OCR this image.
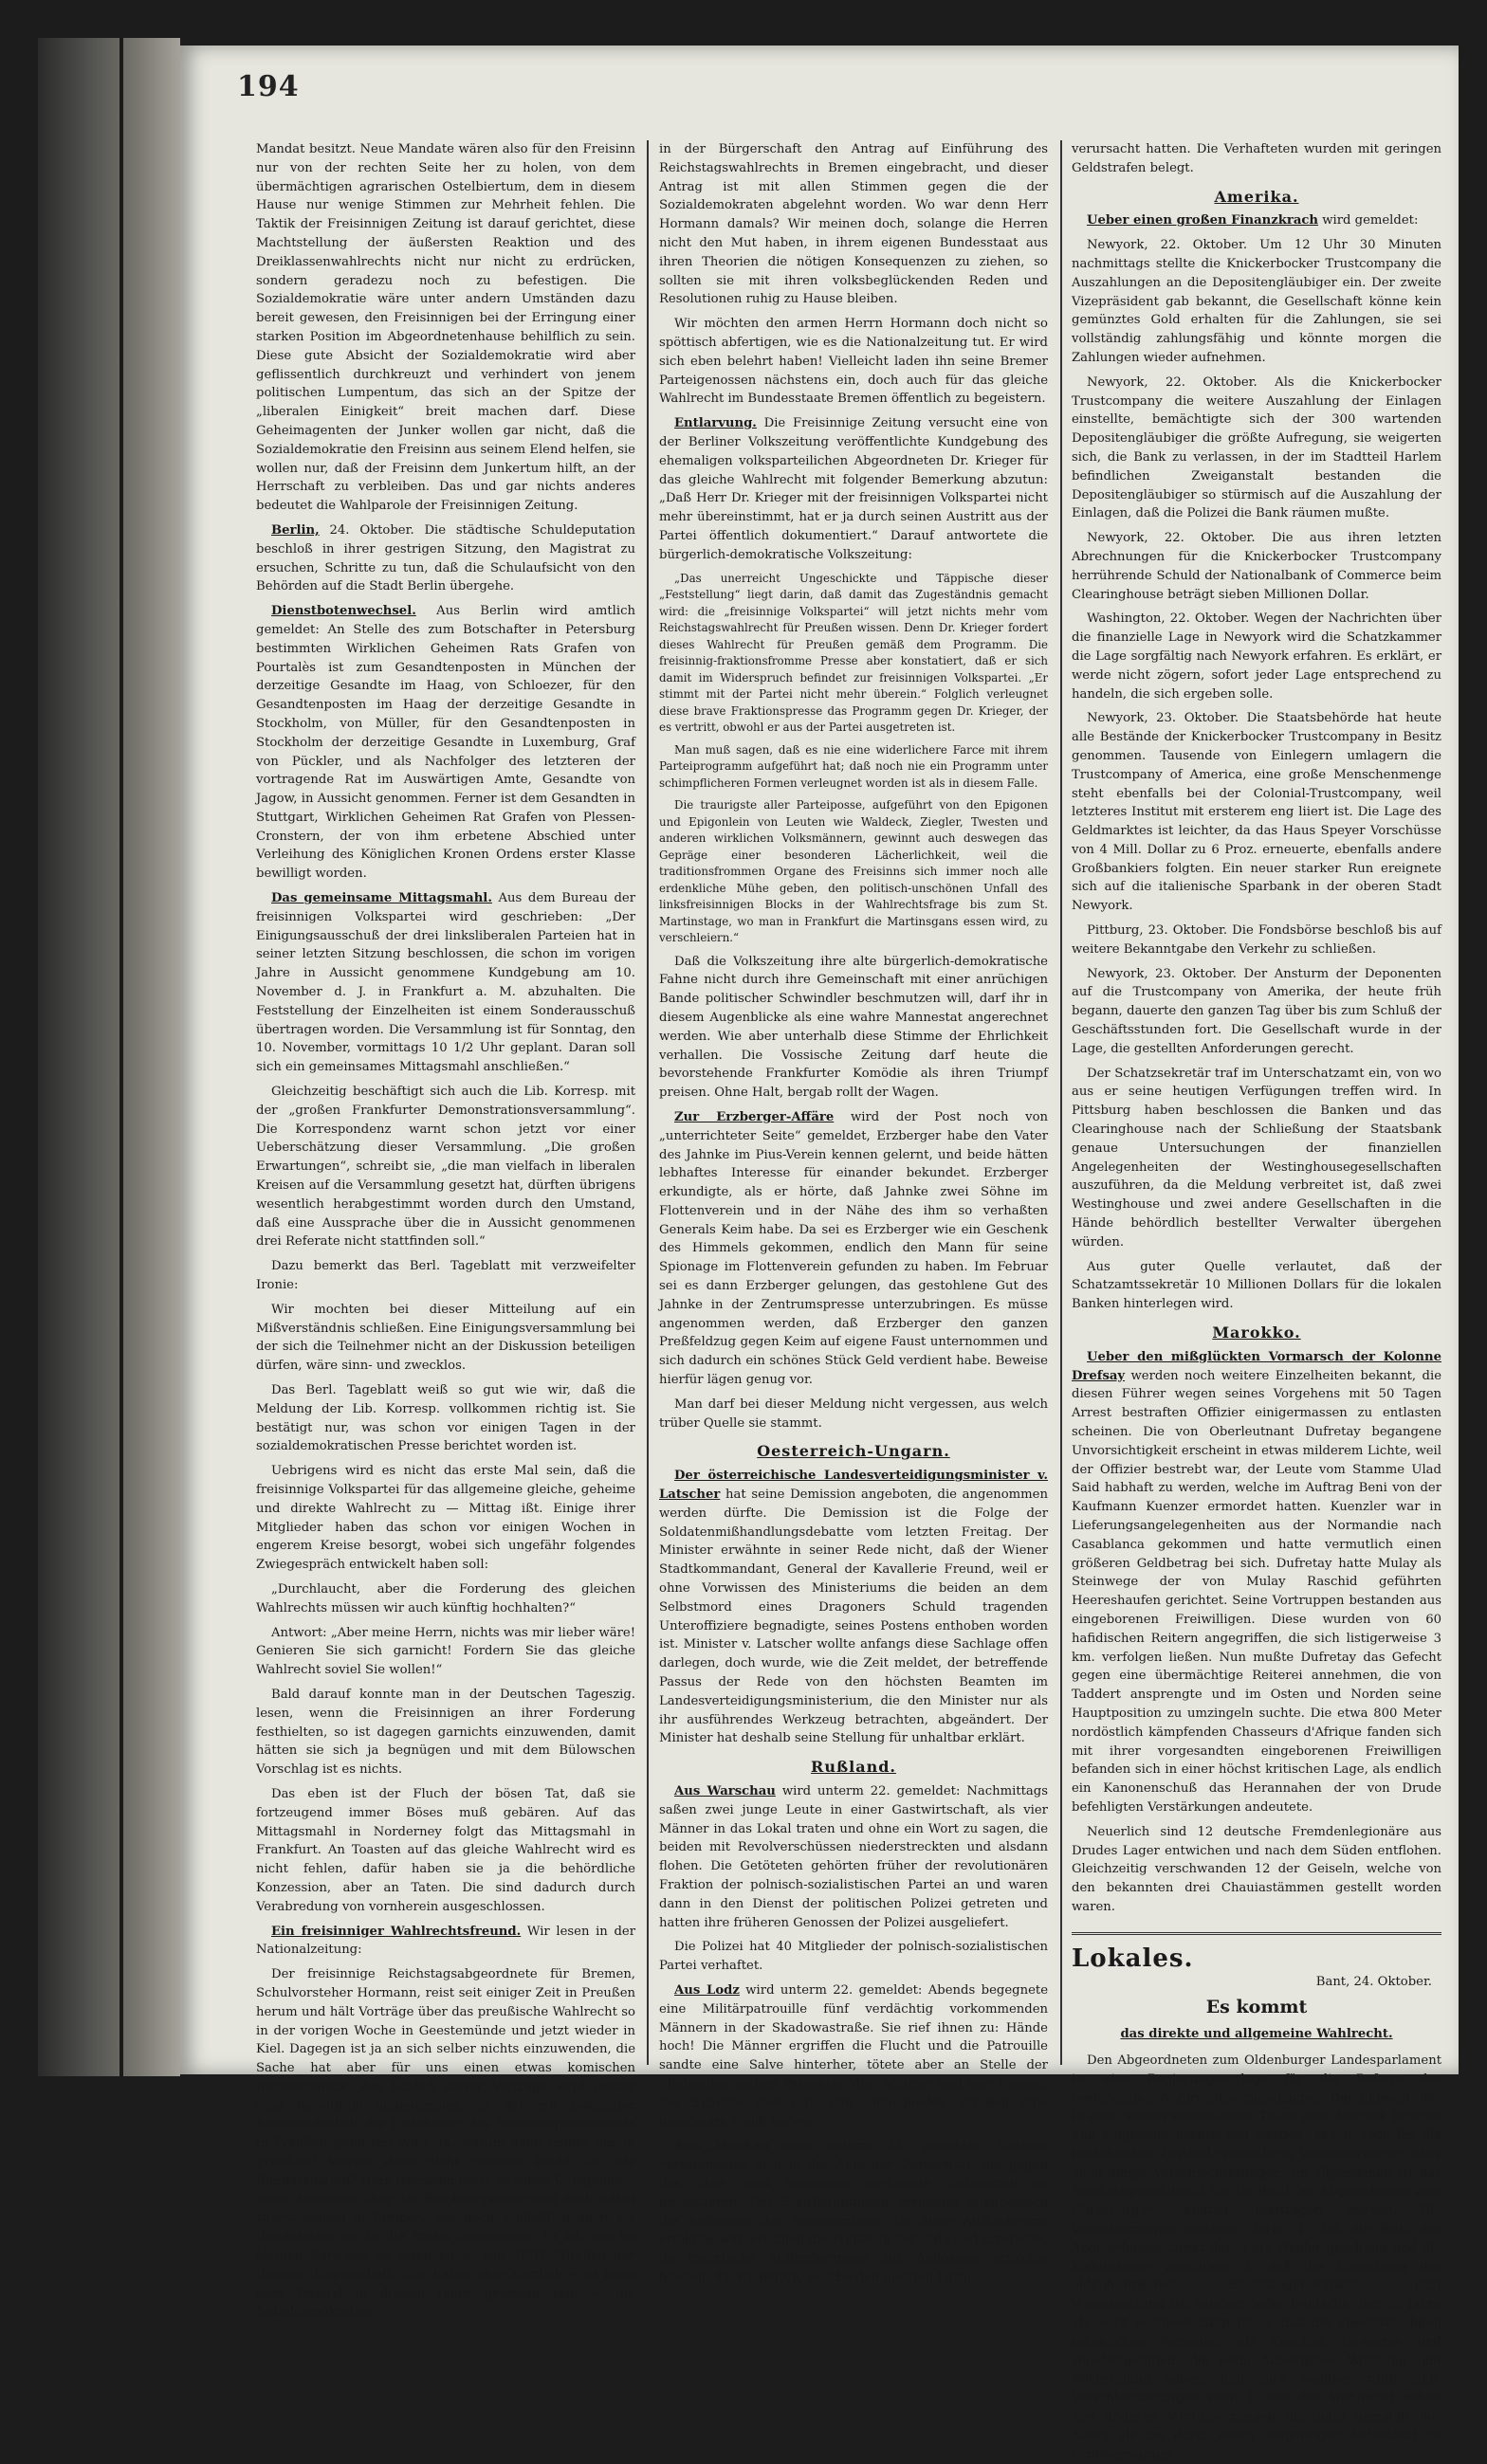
194

Mandat besitzt. Neue Mandate wären also für den Freisinn nur von der rechten Seite her zu holen, von dem übermächtigen agrarischen Ostelbiertum, dem in diesem Hause nur wenige Stimmen zur Mehrheit fehlen. Die Taktik der Freisinnigen Zeitung ist darauf gerichtet, diese Machtstellung der äußersten Reaktion und des Dreiklassenwahlrechts nicht nur nicht zu erdrücken, sondern geradezu noch zu befestigen. Die Sozialdemokratie wäre unter andern Umständen dazu bereit gewesen, den Freisinnigen bei der Erringung einer starken Position im Abgeordnetenhause behilflich zu sein. Diese gute Absicht der Sozialdemokratie wird aber geflissentlich durchkreuzt und verhindert von jenem politischen Lumpentum, das sich an der Spitze der „liberalen Einigkeit“ breit machen darf. Diese Geheimagenten der Junker wollen gar nicht, daß die Sozialdemokratie den Freisinn aus seinem Elend helfen, sie wollen nur, daß der Freisinn dem Junkertum hilft, an der Herrschaft zu verbleiben. Das und gar nichts anderes bedeutet die Wahlparole der Freisinnigen Zeitung.

Berlin, 24. Oktober. Die städtische Schuldeputation beschloß in ihrer gestrigen Sitzung, den Magistrat zu ersuchen, Schritte zu tun, daß die Schulaufsicht von den Behörden auf die Stadt Berlin übergehe.

Dienstbotenwechsel. Aus Berlin wird amtlich gemeldet: An Stelle des zum Botschafter in Petersburg bestimmten Wirklichen Geheimen Rats Grafen von Pourtalès ist zum Gesandtenposten in München der derzeitige Gesandte im Haag, von Schloezer, für den Gesandtenposten im Haag der derzeitige Gesandte in Stockholm, von Müller, für den Gesandtenposten in Stockholm der derzeitige Gesandte in Luxemburg, Graf von Pückler, und als Nachfolger des letzteren der vortragende Rat im Auswärtigen Amte, Gesandte von Jagow, in Aussicht genommen. Ferner ist dem Gesandten in Stuttgart, Wirklichen Geheimen Rat Grafen von Plessen-Cronstern, der von ihm erbetene Abschied unter Verleihung des Königlichen Kronen Ordens erster Klasse bewilligt worden.

Das gemeinsame Mittagsmahl. Aus dem Bureau der freisinnigen Volkspartei wird geschrieben: „Der Einigungsausschuß der drei linksliberalen Parteien hat in seiner letzten Sitzung beschlossen, die schon im vorigen Jahre in Aussicht genommene Kundgebung am 10. November d. J. in Frankfurt a. M. abzuhalten. Die Feststellung der Einzelheiten ist einem Sonderausschuß übertragen worden. Die Versammlung ist für Sonntag, den 10. November, vormittags 10 1/2 Uhr geplant. Daran soll sich ein gemeinsames Mittagsmahl anschließen.“

Gleichzeitig beschäftigt sich auch die Lib. Korresp. mit der „großen Frankfurter Demonstrationsversammlung“. Die Korrespondenz warnt schon jetzt vor einer Ueberschätzung dieser Versammlung. „Die großen Erwartungen“, schreibt sie, „die man vielfach in liberalen Kreisen auf die Versammlung gesetzt hat, dürften übrigens wesentlich herabgestimmt worden durch den Umstand, daß eine Aussprache über die in Aussicht genommenen drei Referate nicht stattfinden soll.“

Dazu bemerkt das Berl. Tageblatt mit verzweifelter Ironie:

Wir mochten bei dieser Mitteilung auf ein Mißverständnis schließen. Eine Einigungsversammlung bei der sich die Teilnehmer nicht an der Diskussion beteiligen dürfen, wäre sinn- und zwecklos.

Das Berl. Tageblatt weiß so gut wie wir, daß die Meldung der Lib. Korresp. vollkommen richtig ist. Sie bestätigt nur, was schon vor einigen Tagen in der sozialdemokratischen Presse berichtet worden ist.

Uebrigens wird es nicht das erste Mal sein, daß die freisinnige Volkspartei für das allgemeine gleiche, geheime und direkte Wahlrecht zu — Mittag ißt. Einige ihrer Mitglieder haben das schon vor einigen Wochen in engerem Kreise besorgt, wobei sich ungefähr folgendes Zwiegespräch entwickelt haben soll:

„Durchlaucht, aber die Forderung des gleichen Wahlrechts müssen wir auch künftig hochhalten?“

Antwort: „Aber meine Herrn, nichts was mir lieber wäre! Genieren Sie sich garnicht! Fordern Sie das gleiche Wahlrecht soviel Sie wollen!“

Bald darauf konnte man in der Deutschen Tageszig. lesen, wenn die Freisinnigen an ihrer Forderung festhielten, so ist dagegen garnichts einzuwenden, damit hätten sie sich ja begnügen und mit dem Bülowschen Vorschlag ist es nichts.

Das eben ist der Fluch der bösen Tat, daß sie fortzeugend immer Böses muß gebären. Auf das Mittagsmahl in Norderney folgt das Mittagsmahl in Frankfurt. An Toasten auf das gleiche Wahlrecht wird es nicht fehlen, dafür haben sie ja die behördliche Konzession, aber an Taten. Die sind dadurch durch Verabredung von vornherein ausgeschlossen.

Ein freisinniger Wahlrechtsfreund. Wir lesen in der Nationalzeitung:

Der freisinnige Reichstagsabgeordnete für Bremen, Schulvorsteher Hormann, reist seit einiger Zeit in Preußen herum und hält Vorträge über das preußische Wahlrecht so in der vorigen Woche in Geestemünde und jetzt wieder in Kiel. Dagegen ist ja an sich selber nichts einzuwenden, die Sache hat aber für uns einen etwas komischen Beigeschmack: Am Schluß dieser Vorträge wird immer eine Resolution angenommen, in der mit bekannter Entschiedenheit die Einführung des Reichstagswahlrechts in Preußen gefordert wird. Ja, warum denn immer nur in Preußen? Warum denn nicht gleiches Recht für alle Bundesstaaten? Herr Hormann hätte so schon Gelegenheit, seine Ansichten über das Reichstagswahlrecht doch selbst zuerst einmal in Bremen, das doch schließlich auch ein Bundesstaat ist, in die Praxis umzusetzen. Er ist, wie im kleinen Kärtchen zu lesen steht, seit 1897 Mitglied der Bremer Bürgerschaft. Nun haben aber kürzlich — es kann kein Zweifel in diesem Jahre gewesen sein — die Sozialdemokraten

in der Bürgerschaft den Antrag auf Einführung des Reichstagswahlrechts in Bremen eingebracht, und dieser Antrag ist mit allen Stimmen gegen die der Sozialdemokraten abgelehnt worden. Wo war denn Herr Hormann damals? Wir meinen doch, solange die Herren nicht den Mut haben, in ihrem eigenen Bundesstaat aus ihren Theorien die nötigen Konsequenzen zu ziehen, so sollten sie mit ihren volksbeglückenden Reden und Resolutionen ruhig zu Hause bleiben.

Wir möchten den armen Herrn Hormann doch nicht so spöttisch abfertigen, wie es die Nationalzeitung tut. Er wird sich eben belehrt haben! Vielleicht laden ihn seine Bremer Parteigenossen nächstens ein, doch auch für das gleiche Wahlrecht im Bundesstaate Bremen öffentlich zu begeistern.

Entlarvung. Die Freisinnige Zeitung versucht eine von der Berliner Volkszeitung veröffentlichte Kundgebung des ehemaligen volksparteilichen Abgeordneten Dr. Krieger für das gleiche Wahlrecht mit folgender Bemerkung abzutun: „Daß Herr Dr. Krieger mit der freisinnigen Volkspartei nicht mehr übereinstimmt, hat er ja durch seinen Austritt aus der Partei öffentlich dokumentiert.“ Darauf antwortete die bürgerlich-demokratische Volkszeitung:

„Das unerreicht Ungeschickte und Täppische dieser „Feststellung“ liegt darin, daß damit das Zugeständnis gemacht wird: die „freisinnige Volkspartei“ will jetzt nichts mehr vom Reichstagswahlrecht für Preußen wissen. Denn Dr. Krieger fordert dieses Wahlrecht für Preußen gemäß dem Programm. Die freisinnig-fraktionsfromme Presse aber konstatiert, daß er sich damit im Widerspruch befindet zur freisinnigen Volkspartei. „Er stimmt mit der Partei nicht mehr überein.“ Folglich verleugnet diese brave Fraktionspresse das Programm gegen Dr. Krieger, der es vertritt, obwohl er aus der Partei ausgetreten ist.

Man muß sagen, daß es nie eine widerlichere Farce mit ihrem Parteiprogramm aufgeführt hat; daß noch nie ein Programm unter schimpflicheren Formen verleugnet worden ist als in diesem Falle.

Die traurigste aller Parteiposse, aufgeführt von den Epigonen und Epigonlein von Leuten wie Waldeck, Ziegler, Twesten und anderen wirklichen Volksmännern, gewinnt auch deswegen das Gepräge einer besonderen Lächerlichkeit, weil die traditionsfrommen Organe des Freisinns sich immer noch alle erdenkliche Mühe geben, den politisch-unschönen Unfall des linksfreisinnigen Blocks in der Wahlrechtsfrage bis zum St. Martinstage, wo man in Frankfurt die Martinsgans essen wird, zu verschleiern.“

Daß die Volkszeitung ihre alte bürgerlich-demokratische Fahne nicht durch ihre Gemeinschaft mit einer anrüchigen Bande politischer Schwindler beschmutzen will, darf ihr in diesem Augenblicke als eine wahre Mannestat angerechnet werden. Wie aber unterhalb diese Stimme der Ehrlichkeit verhallen. Die Vossische Zeitung darf heute die bevorstehende Frankfurter Komödie als ihren Triumpf preisen. Ohne Halt, bergab rollt der Wagen.

Zur Erzberger-Affäre wird der Post noch von „unterrichteter Seite“ gemeldet, Erzberger habe den Vater des Jahnke im Pius-Verein kennen gelernt, und beide hätten lebhaftes Interesse für einander bekundet. Erzberger erkundigte, als er hörte, daß Jahnke zwei Söhne im Flottenverein und in der Nähe des ihm so verhaßten Generals Keim habe. Da sei es Erzberger wie ein Geschenk des Himmels gekommen, endlich den Mann für seine Spionage im Flottenverein gefunden zu haben. Im Februar sei es dann Erzberger gelungen, das gestohlene Gut des Jahnke in der Zentrumspresse unterzubringen. Es müsse angenommen werden, daß Erzberger den ganzen Preßfeldzug gegen Keim auf eigene Faust unternommen und sich dadurch ein schönes Stück Geld verdient habe. Beweise hierfür lägen genug vor.

Man darf bei dieser Meldung nicht vergessen, aus welch trüber Quelle sie stammt.

Oesterreich-Ungarn.

Der österreichische Landesverteidigungsminister v. Latscher hat seine Demission angeboten, die angenommen werden dürfte. Die Demission ist die Folge der Soldatenmißhandlungsdebatte vom letzten Freitag. Der Minister erwähnte in seiner Rede nicht, daß der Wiener Stadtkommandant, General der Kavallerie Freund, weil er ohne Vorwissen des Ministeriums die beiden an dem Selbstmord eines Dragoners Schuld tragenden Unteroffiziere begnadigte, seines Postens enthoben worden ist. Minister v. Latscher wollte anfangs diese Sachlage offen darlegen, doch wurde, wie die Zeit meldet, der betreffende Passus der Rede von den höchsten Beamten im Landesverteidigungsministerium, die den Minister nur als ihr ausführendes Werkzeug betrachten, abgeändert. Der Minister hat deshalb seine Stellung für unhaltbar erklärt.

Rußland.

Aus Warschau wird unterm 22. gemeldet: Nachmittags saßen zwei junge Leute in einer Gastwirtschaft, als vier Männer in das Lokal traten und ohne ein Wort zu sagen, die beiden mit Revolverschüssen niederstreckten und alsdann flohen. Die Getöteten gehörten früher der revolutionären Fraktion der polnisch-sozialistischen Partei an und waren dann in den Dienst der politischen Polizei getreten und hatten ihre früheren Genossen der Polizei ausgeliefert.

Die Polizei hat 40 Mitglieder der polnisch-sozialistischen Partei verhaftet.

Aus Lodz wird unterm 22. gemeldet: Abends begegnete eine Militärpatrouille fünf verdächtig vorkommenden Männern in der Skadowastraße. Sie rief ihnen zu: Hände hoch! Die Männer ergriffen die Flucht und die Patrouille sandte eine Salve hinterher, tötete aber an Stelle der Fliehenden sieben Passanten drei Männer und vier Frauen. Die Schüsse riefen in den umliegenden Straßen eine ungeheure Panik hervor.

Aus Moskau wird unterm 23. gemeldet: Gestern versammelten sich in der Aula der Universität, um gegen das über zwei Studenten verhängte Todesurteil zu protestieren. Der Stadthauptmann verlangte telephonisch die Auflösung der Versammlung. Da diese Aufforderung erfolglos war, erschien die Polizei in der Aula und arretierte, da mehrfache Aufforderungen zur Auflösung erfolglos blieben, 41 Studenten, welche den meisten Lärm

verursacht hatten. Die Verhafteten wurden mit geringen Geldstrafen belegt.

Amerika.

Ueber einen großen Finanzkrach wird gemeldet:

Newyork, 22. Oktober. Um 12 Uhr 30 Minuten nachmittags stellte die Knickerbocker Trustcompany die Auszahlungen an die Depositengläubiger ein. Der zweite Vizepräsident gab bekannt, die Gesellschaft könne kein gemünztes Gold erhalten für die Zahlungen, sie sei vollständig zahlungsfähig und könnte morgen die Zahlungen wieder aufnehmen.

Newyork, 22. Oktober. Als die Knickerbocker Trustcompany die weitere Auszahlung der Einlagen einstellte, bemächtigte sich der 300 wartenden Depositengläubiger die größte Aufregung, sie weigerten sich, die Bank zu verlassen, in der im Stadtteil Harlem befindlichen Zweiganstalt bestanden die Depositengläubiger so stürmisch auf die Auszahlung der Einlagen, daß die Polizei die Bank räumen mußte.

Newyork, 22. Oktober. Die aus ihren letzten Abrechnungen für die Knickerbocker Trustcompany herrührende Schuld der Nationalbank of Commerce beim Clearinghouse beträgt sieben Millionen Dollar.

Washington, 22. Oktober. Wegen der Nachrichten über die finanzielle Lage in Newyork wird die Schatzkammer die Lage sorgfältig nach Newyork erfahren. Es erklärt, er werde nicht zögern, sofort jeder Lage entsprechend zu handeln, die sich ergeben solle.

Newyork, 23. Oktober. Die Staatsbehörde hat heute alle Bestände der Knickerbocker Trustcompany in Besitz genommen. Tausende von Einlegern umlagern die Trustcompany of America, eine große Menschenmenge steht ebenfalls bei der Colonial-Trustcompany, weil letzteres Institut mit ersterem eng liiert ist. Die Lage des Geldmarktes ist leichter, da das Haus Speyer Vorschüsse von 4 Mill. Dollar zu 6 Proz. erneuerte, ebenfalls andere Großbankiers folgten. Ein neuer starker Run ereignete sich auf die italienische Sparbank in der oberen Stadt Newyork.

Pittburg, 23. Oktober. Die Fondsbörse beschloß bis auf weitere Bekanntgabe den Verkehr zu schließen.

Newyork, 23. Oktober. Der Ansturm der Deponenten auf die Trustcompany von Amerika, der heute früh begann, dauerte den ganzen Tag über bis zum Schluß der Geschäftsstunden fort. Die Gesellschaft wurde in der Lage, die gestellten Anforderungen gerecht.

Der Schatzsekretär traf im Unterschatzamt ein, von wo aus er seine heutigen Verfügungen treffen wird. In Pittsburg haben beschlossen die Banken und das Clearinghouse nach der Schließung der Staatsbank genaue Untersuchungen der finanziellen Angelegenheiten der Westinghousegesellschaften auszuführen, da die Meldung verbreitet ist, daß zwei Westinghouse und zwei andere Gesellschaften in die Hände behördlich bestellter Verwalter übergehen würden.

Aus guter Quelle verlautet, daß der Schatzamtssekretär 10 Millionen Dollars für die lokalen Banken hinterlegen wird.

Marokko.

Ueber den mißglückten Vormarsch der Kolonne Drefsay werden noch weitere Einzelheiten bekannt, die diesen Führer wegen seines Vorgehens mit 50 Tagen Arrest bestraften Offizier einigermassen zu entlasten scheinen. Die von Oberleutnant Dufretay begangene Unvorsichtigkeit erscheint in etwas milderem Lichte, weil der Offizier bestrebt war, der Leute vom Stamme Ulad Said habhaft zu werden, welche im Auftrag Beni von der Kaufmann Kuenzer ermordet hatten. Kuenzler war in Lieferungsangelegenheiten aus der Normandie nach Casablanca gekommen und hatte vermutlich einen größeren Geldbetrag bei sich. Dufretay hatte Mulay als Steinwege der von Mulay Raschid geführten Heereshaufen gerichtet. Seine Vortruppen bestanden aus eingeborenen Freiwilligen. Diese wurden von 60 hafidischen Reitern angegriffen, die sich listigerweise 3 km. verfolgen ließen. Nun mußte Dufretay das Gefecht gegen eine übermächtige Reiterei annehmen, die von Taddert ansprengte und im Osten und Norden seine Hauptposition zu umzingeln suchte. Die etwa 800 Meter nordöstlich kämpfenden Chasseurs d'Afrique fanden sich mit ihrer vorgesandten eingeborenen Freiwilligen befanden sich in einer höchst kritischen Lage, als endlich ein Kanonenschuß das Herannahen der von Drude befehligten Verstärkungen andeutete.

Neuerlich sind 12 deutsche Fremdenlegionäre aus Drudes Lager entwichen und nach dem Süden entflohen. Gleichzeitig verschwanden 12 der Geiseln, welche von den bekannten drei Chauiastämmen gestellt worden waren.

Lokales.
Bant, 24. Oktober.
Es kommt
das direkte und allgemeine Wahlrecht.

Den Abgeordneten zum Oldenburger Landesparlament ist eine Regierungsvorlage für die Reform des bestehenden Wahlrechtes zugegangen. Der Entwurf, der in allen seinen wesentlichen Teilen zum Abdruck bringen und eingehend besprechen werden, bringt auch für die bestehenden Zustand wesentliche Verbesserungen, aber auch einige Verschlechterungen. Im allgemeinen ist das Reichstagswahlrecht für die Wahl der Abgeordneten zum Oldenburger Landtag übertragen worden. Die Verbesserungen bestehen darin: 1. daß die Wahl der Abgeordneten direkt durch die Wähler geschieht und die Wahlmänner wegfallen; 2. daß die Erwerbung der oldenburgischen Staatsangehörigkeit nicht Voraussetzung ist, sondern jeder Deutsche, der 25 Jahre alt, auch wahlberechtigt ist; 3. daß die unselbständigen männlichen Personen, als Knechte, Gewerbe- und Handelsgehilfen, die beim Arbeitgeber Wohnung und Beköstigung haben, nun auch wahlberechtigt sind. Verschlechterungen sind: 1. daß das Wahlrecht neben den anderen Voraussetzungen abhängig gemacht des Alters als um durch einen dreijährigen Aufenthalt im Großherzogtum
